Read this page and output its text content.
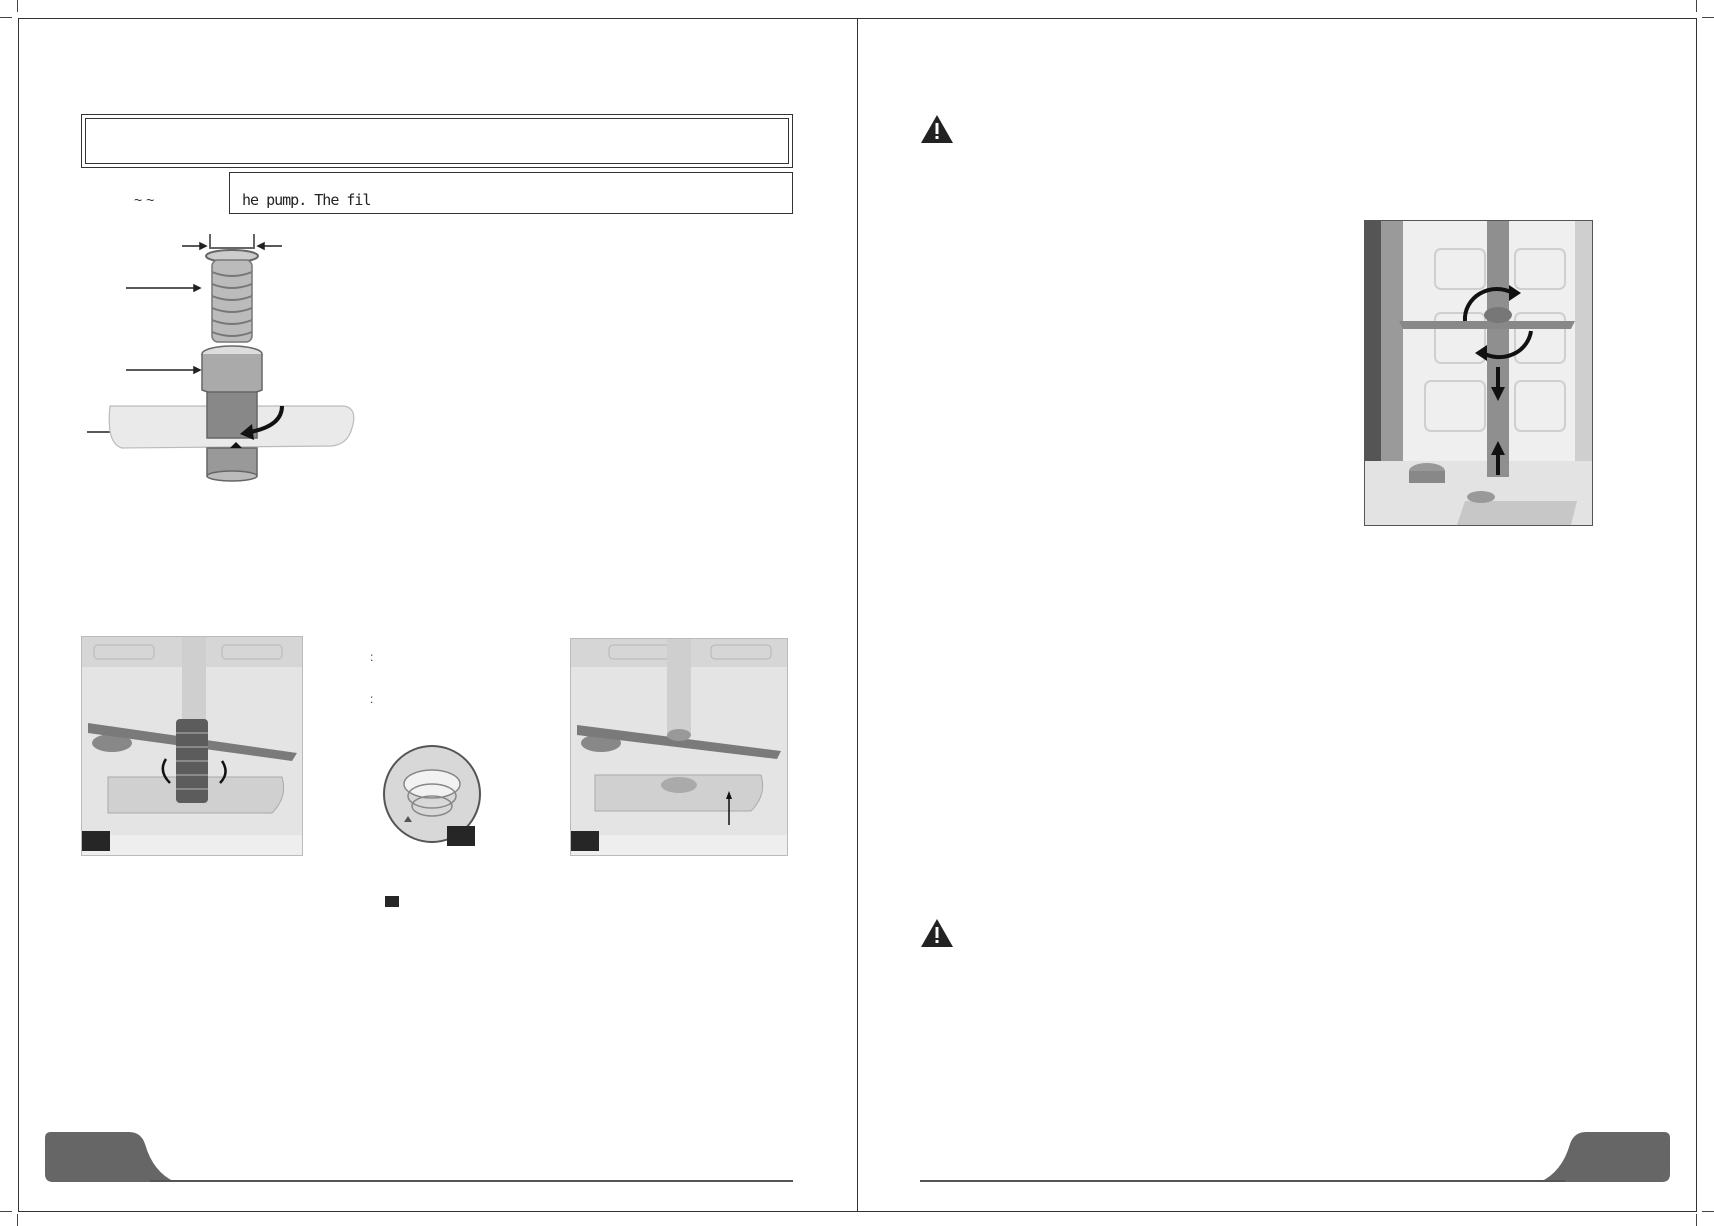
~ ~	he pump. The fil
:
:
